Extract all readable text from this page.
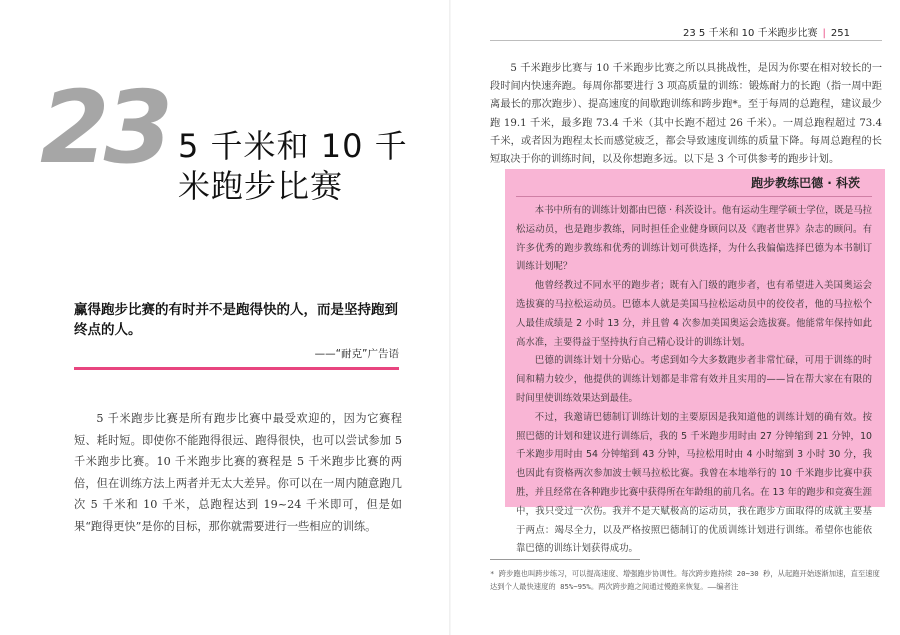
23 5 千米和 10 千米跑步比赛
赢得跑步比赛的有时并不是跑得快的人，而是坚持跑到终点的人。
——“耐克”广告语

5 千米跑步比赛是所有跑步比赛中最受欢迎的，因为它赛程短、耗时短。即使你不能跑得很远、跑得很快，也可以尝试参加 5 千米跑步比赛。10 千米跑步比赛的赛程是 5 千米跑步比赛的两倍，但在训练方法上两者并无太大差异。你可以在一周内随意跑几次 5 千米和 10 千米，总跑程达到 19~24 千米即可，但是如果“跑得更快”是你的目标，那你就需要进行一些相应的训练。

23 5 千米和 10 千米跑步比赛 | 251

5 千米跑步比赛与 10 千米跑步比赛之所以具挑战性，是因为你要在相对较长的一段时间内快速奔跑。每周你都要进行 3 项高质量的训练：锻炼耐力的长跑（指一周中距离最长的那次跑步）、提高速度的间歇跑训练和跨步跑*。至于每周的总跑程，建议最少跑 19.1 千米，最多跑 73.4 千米（其中长跑不超过 26 千米）。一周总跑程超过 73.4 千米，或者因为跑程太长而感觉疲乏，都会导致速度训练的质量下降。每周总跑程的长短取决于你的训练时间，以及你想跑多远。以下是 3 个可供参考的跑步计划。

跑步教练巴德 · 科茨

本书中所有的训练计划都由巴德 · 科茨设计。他有运动生理学硕士学位，既是马拉松运动员，也是跑步教练，同时担任企业健身顾问以及《跑者世界》杂志的顾问。有许多优秀的跑步教练和优秀的训练计划可供选择，为什么我偏偏选择巴德为本书制订训练计划呢？

他曾经教过不同水平的跑步者；既有入门级的跑步者，也有希望进入美国奥运会选拔赛的马拉松运动员。巴德本人就是美国马拉松运动员中的佼佼者，他的马拉松个人最佳成绩是 2 小时 13 分，并且曾 4 次参加美国奥运会选拔赛。他能常年保持如此高水准，主要得益于坚持执行自己精心设计的训练计划。

巴德的训练计划十分贴心。考虑到如今大多数跑步者非常忙碌，可用于训练的时间和精力较少，他提供的训练计划都是非常有效并且实用的——旨在帮大家在有限的时间里使训练效果达到最佳。

不过，我邀请巴德制订训练计划的主要原因是我知道他的训练计划的确有效。按照巴德的计划和建议进行训练后，我的 5 千米跑步用时由 27 分钟缩到 21 分钟，10 千米跑步用时由 54 分钟缩到 43 分钟，马拉松用时由 4 小时缩到 3 小时 30 分，我也因此有资格两次参加波士顿马拉松比赛。我曾在本地举行的 10 千米跑步比赛中获胜，并且经常在各种跑步比赛中获得所在年龄组的前几名。在 13 年的跑步和竞赛生涯中，我只受过一次伤。我并不是天赋极高的运动员，我在跑步方面取得的成就主要基于两点：竭尽全力，以及严格按照巴德制订的优质训练计划进行训练。希望你也能依靠巴德的训练计划获得成功。

* 跨步跑也叫跨步练习，可以提高速度、增强跑步协调性。每次跨步跑持续 20~30 秒，从起跑开始逐渐加速，直至速度达到个人最快速度的 85%~95%。两次跨步跑之间通过慢跑来恢复。——编者注
